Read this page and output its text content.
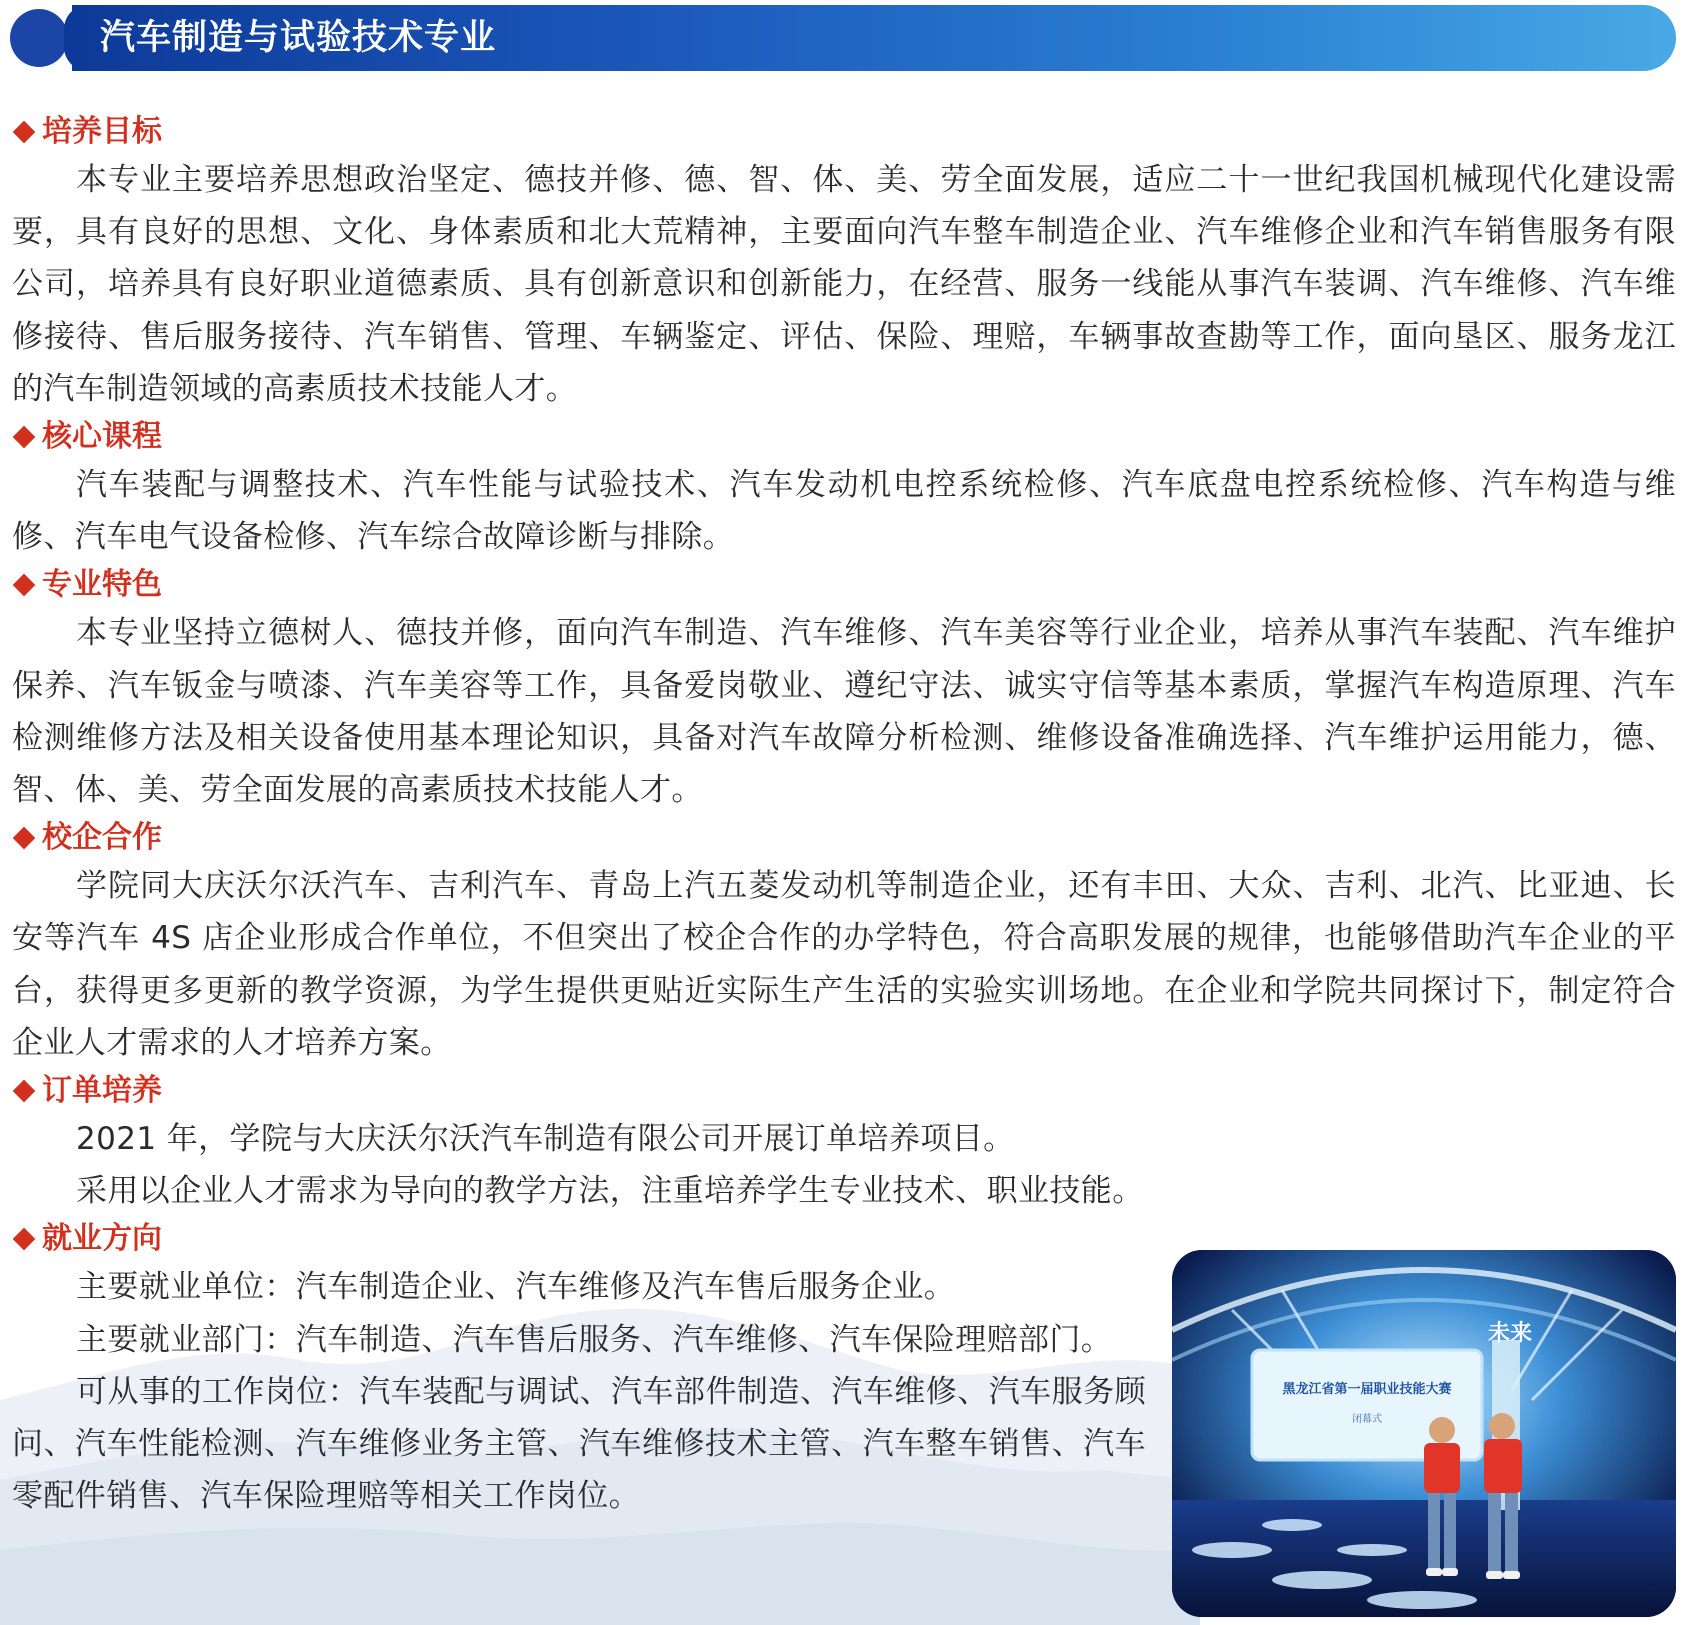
汽车制造与试验技术专业
培养目标

本专业主要培养思想政治坚定、德技并修、德、智、体、美、劳全面发展，适应二十一世纪我国机械现代化建设需要，具有良好的思想、文化、身体素质和北大荒精神，主要面向汽车整车制造企业、汽车维修企业和汽车销售服务有限公司，培养具有良好职业道德素质、具有创新意识和创新能力，在经营、服务一线能从事汽车装调、汽车维修、汽车维修接待、售后服务接待、汽车销售、管理、车辆鉴定、评估、保险、理赔，车辆事故查勘等工作，面向垦区、服务龙江的汽车制造领域的高素质技术技能人才。

核心课程

汽车装配与调整技术、汽车性能与试验技术、汽车发动机电控系统检修、汽车底盘电控系统检修、汽车构造与维修、汽车电气设备检修、汽车综合故障诊断与排除。

专业特色

本专业坚持立德树人、德技并修，面向汽车制造、汽车维修、汽车美容等行业企业，培养从事汽车装配、汽车维护保养、汽车钣金与喷漆、汽车美容等工作，具备爱岗敬业、遵纪守法、诚实守信等基本素质，掌握汽车构造原理、汽车检测维修方法及相关设备使用基本理论知识，具备对汽车故障分析检测、维修设备准确选择、汽车维护运用能力，德、智、体、美、劳全面发展的高素质技术技能人才。

校企合作

学院同大庆沃尔沃汽车、吉利汽车、青岛上汽五菱发动机等制造企业，还有丰田、大众、吉利、北汽、比亚迪、长安等汽车 4S 店企业形成合作单位，不但突出了校企合作的办学特色，符合高职发展的规律，也能够借助汽车企业的平台，获得更多更新的教学资源，为学生提供更贴近实际生产生活的实验实训场地。在企业和学院共同探讨下，制定符合企业人才需求的人才培养方案。

订单培养

2021 年，学院与大庆沃尔沃汽车制造有限公司开展订单培养项目。

采用以企业人才需求为导向的教学方法，注重培养学生专业技术、职业技能。

就业方向

主要就业单位：汽车制造企业、汽车维修及汽车售后服务企业。

主要就业部门：汽车制造、汽车售后服务、汽车维修、汽车保险理赔部门。

可从事的工作岗位：汽车装配与调试、汽车部件制造、汽车维修、汽车服务顾问、汽车性能检测、汽车维修业务主管、汽车维修技术主管、汽车整车销售、汽车零配件销售、汽车保险理赔等相关工作岗位。

黑龙江省第一届职业技能大赛
闭幕式
未来
